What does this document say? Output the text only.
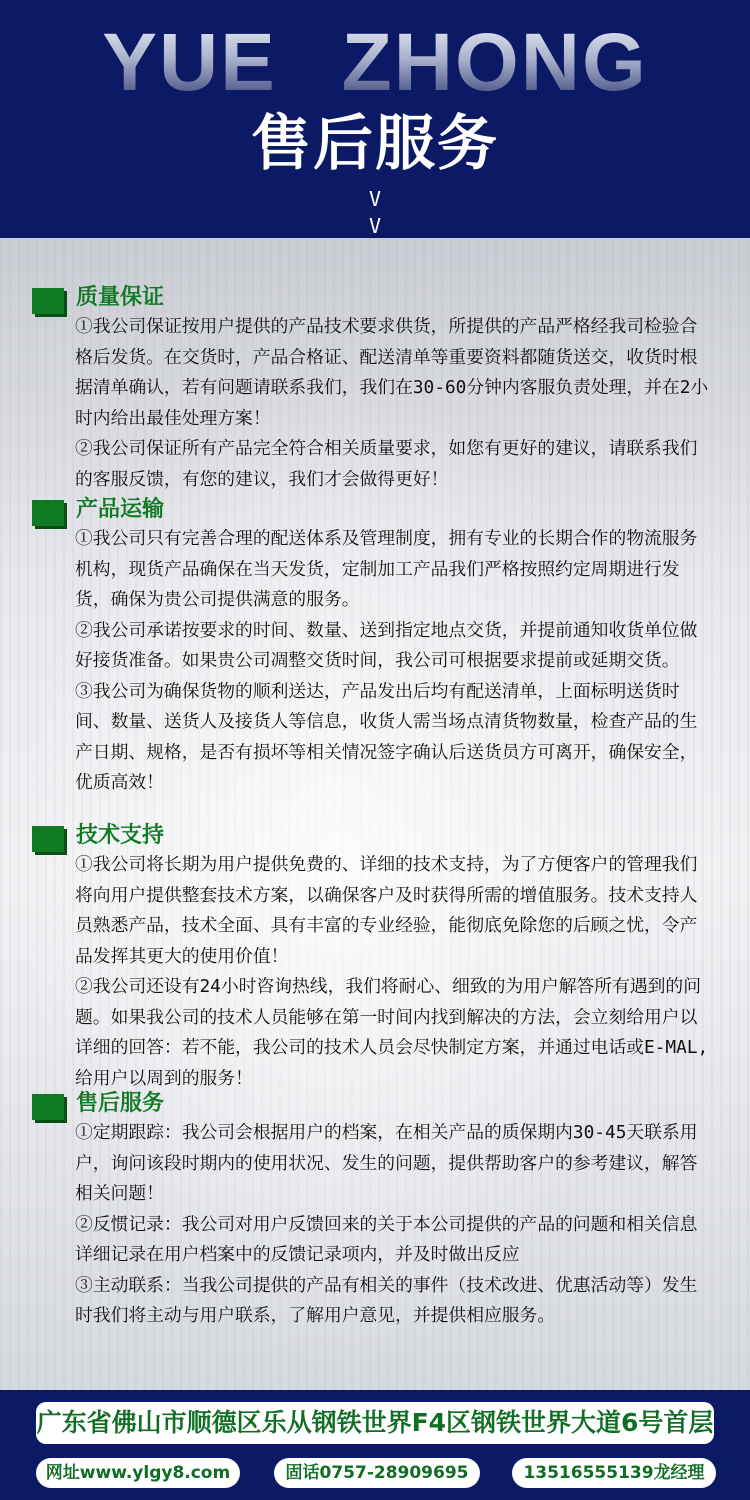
YUE ZHONG
售后服务
V
V
质量保证

①我公司保证按用户提供的产品技术要求供货，所提供的产品严格经我司检验合格后发货。在交货时，产品合格证、配送清单等重要资料都随货送交，收货时根据清单确认，若有问题请联系我们，我们在30-60分钟内客服负责处理，并在2小时内给出最佳处理方案！

②我公司保证所有产品完全符合相关质量要求，如您有更好的建议，请联系我们的客服反馈，有您的建议，我们才会做得更好！

产品运输

①我公司只有完善合理的配送体系及管理制度，拥有专业的长期合作的物流服务机构，现货产品确保在当天发货，定制加工产品我们严格按照约定周期进行发货，确保为贵公司提供满意的服务。

②我公司承诺按要求的时间、数量、送到指定地点交货，并提前通知收货单位做好接货准备。如果贵公司凋整交货时间，我公司可根据要求提前或延期交货。

③我公司为确保货物的顺利送达，产品发出后均有配送清单，上面标明送货时间、数量、送货人及接货人等信息，收货人需当场点清货物数量，检查产品的生产日期、规格，是否有损坏等相关情况签字确认后送货员方可离开，确保安全，优质高效！

技术支持

①我公司将长期为用户提供免费的、详细的技术支持，为了方便客户的管理我们将向用户提供整套技术方案，以确保客户及时获得所需的增值服务。技术支持人员熟悉产品，技术全面、具有丰富的专业经验，能彻底免除您的后顾之忧，令产品发挥其更大的使用价值！

②我公司还设有24小时咨询热线，我们将耐心、细致的为用户解答所有遇到的问题。如果我公司的技术人员能够在第一时间内找到解决的方法，会立刻给用户以详细的回答：若不能，我公司的技术人员会尽快制定方案，并通过电话或E-MAL,给用户以周到的服务！

售后服务

①定期跟踪：我公司会根据用户的档案，在相关产品的质保期内30-45天联系用户，询问该段时期内的使用状况、发生的问题，提供帮助客户的参考建议，解答相关问题！

②反惯记录：我公司对用户反馈回来的关于本公司提供的产品的问题和相关信息详细记录在用户档案中的反馈记录项内，并及时做出反应

③主动联系：当我公司提供的产品有相关的事件（技术改进、优惠活动等）发生时我们将主动与用户联系，了解用户意见，并提供相应服务。

广东省佛山市顺德区乐从钢铁世界F4区钢铁世界大道6号首层
网址www.ylgy8.com	固话0757-28909695	13516555139龙经理
